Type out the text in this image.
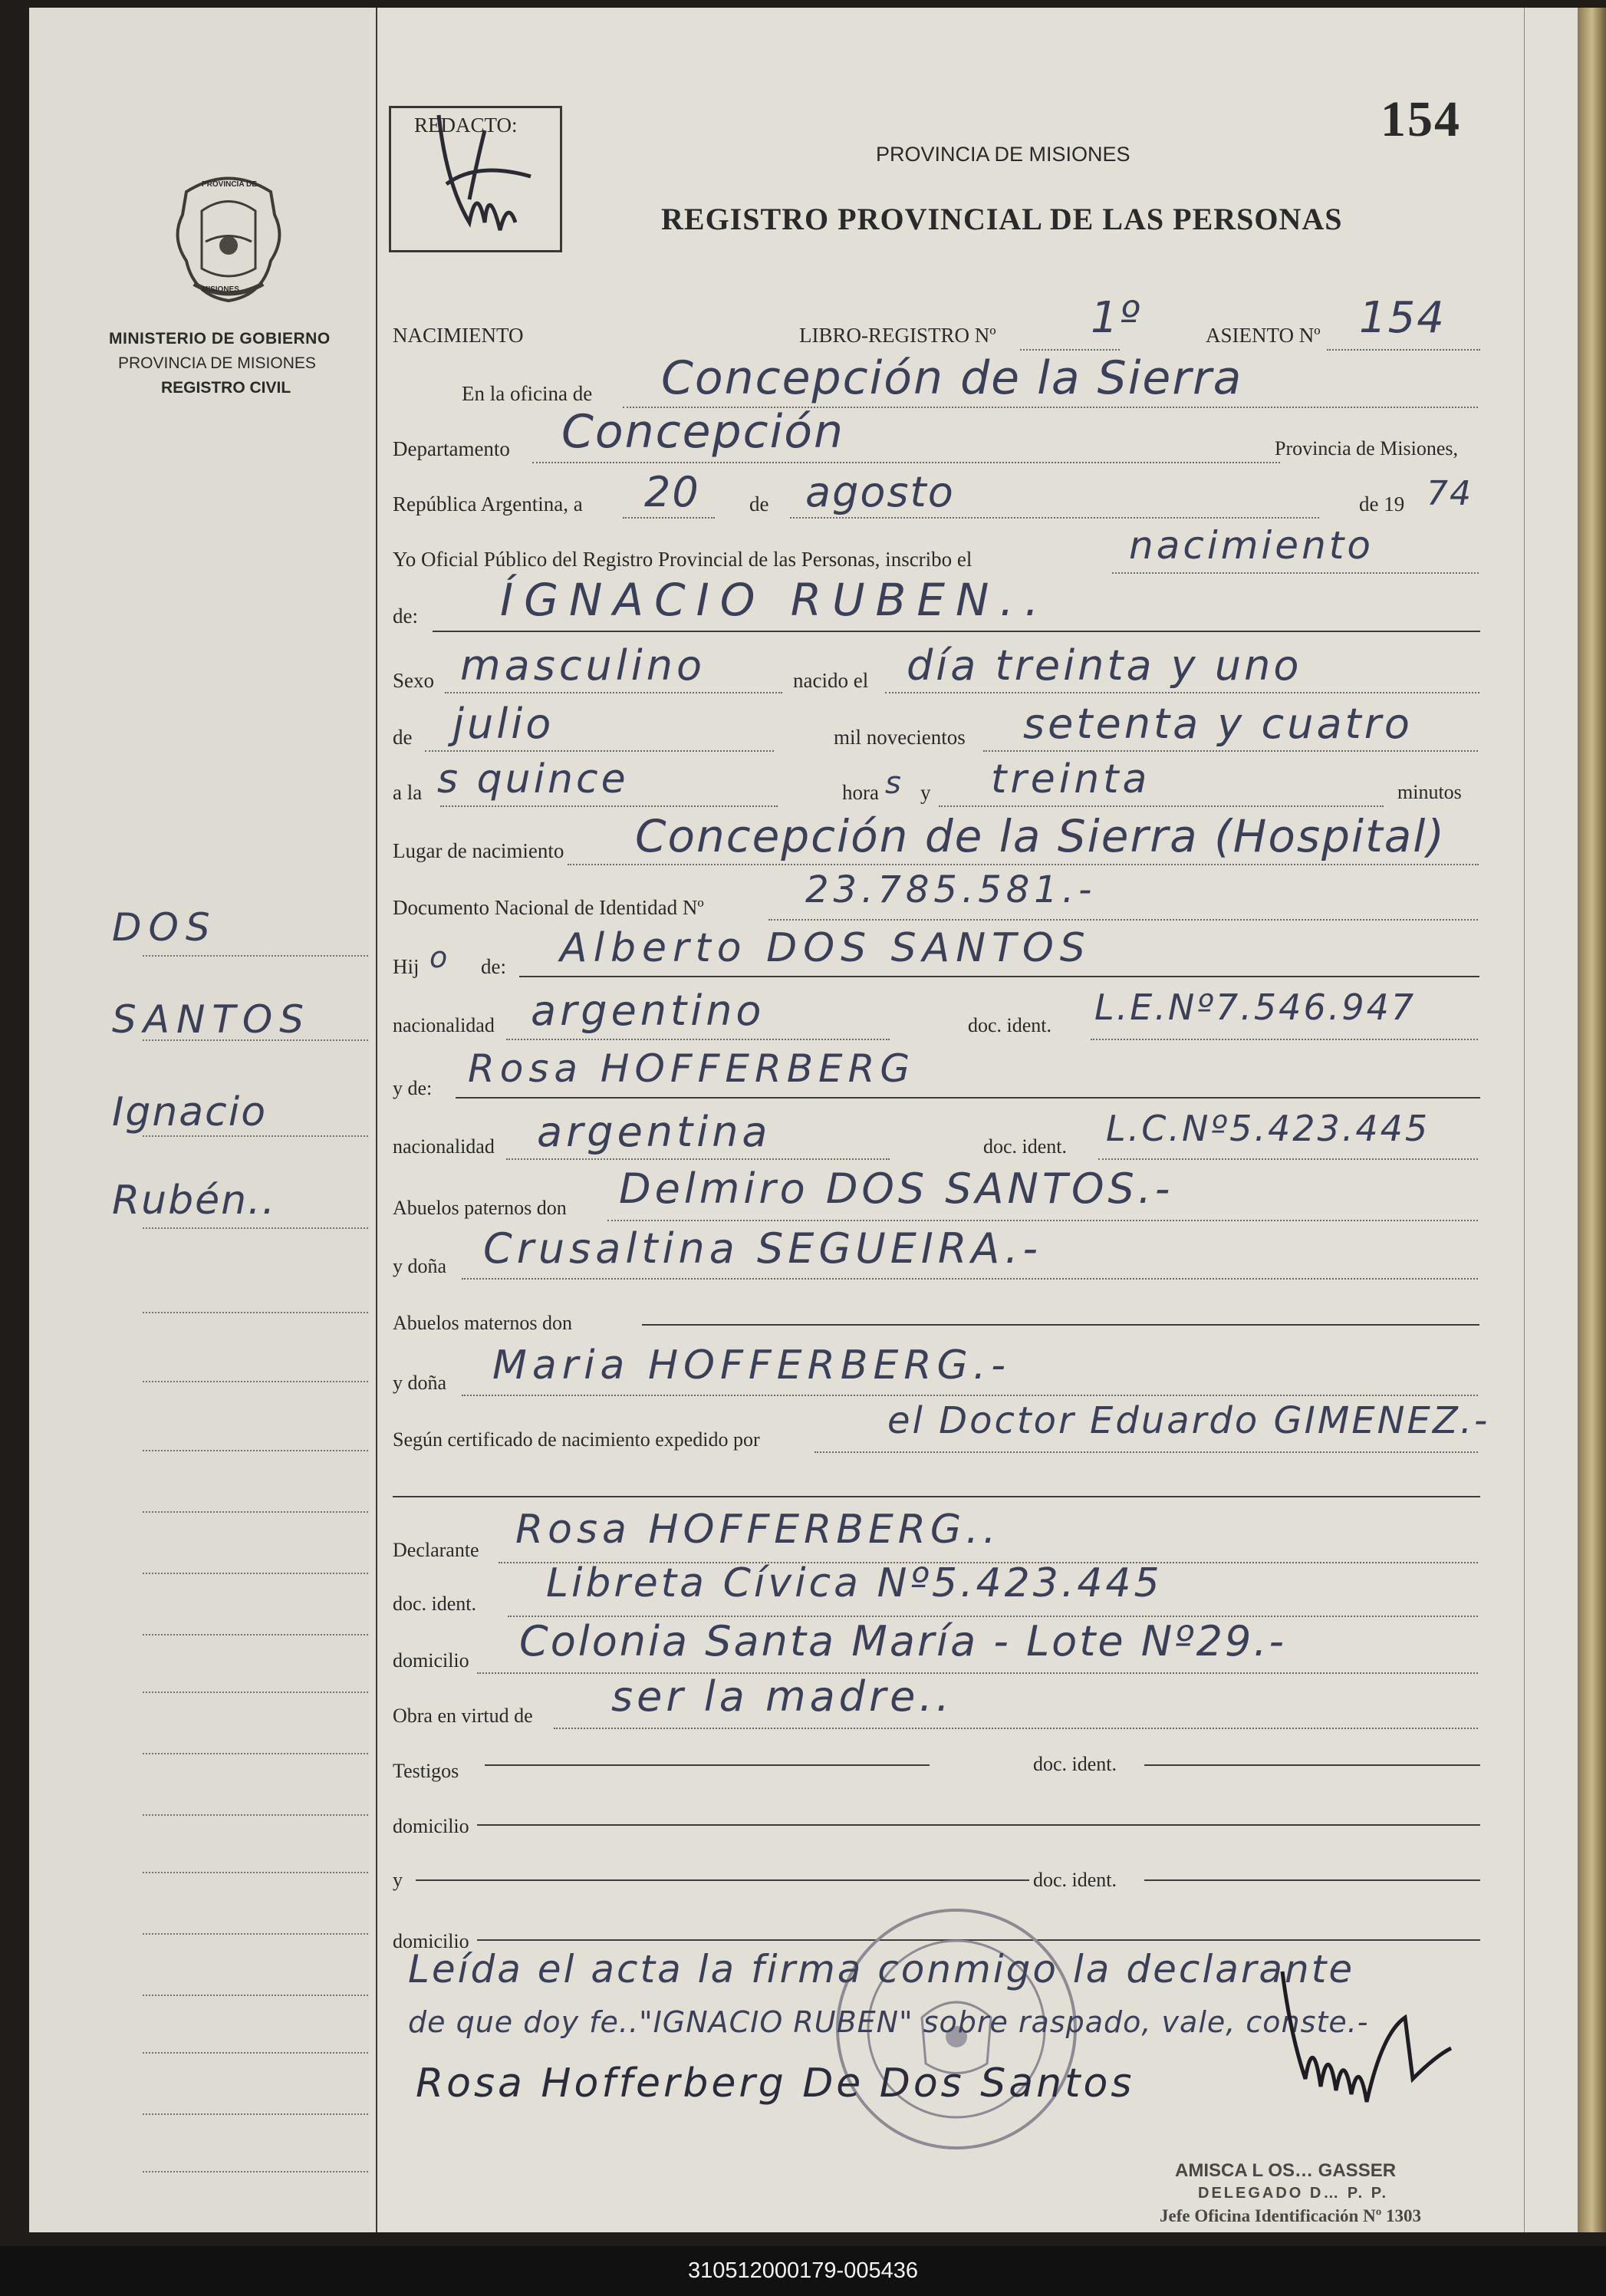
PROVINCIA DE
MISIONES
MINISTERIO DE GOBIERNO
PROVINCIA DE MISIONES
REGISTRO CIVIL
DOS
SANTOS
Ignacio
Rubén..
REDACTO:	154
PROVINCIA DE MISIONES
REGISTRO PROVINCIAL DE LAS PERSONAS
NACIMIENTO	LIBRO-REGISTRO Nº 1º	ASIENTO Nº 154
En la oficina de Concepción de la Sierra
Departamento Concepción	Provincia de Misiones,
República Argentina, a 20 de agosto	de 19 74
Yo Oficial Público del Registro Provincial de las Personas, inscribo el	nacimiento
de: ÍGNACIO RUBEN..
Sexo masculino	nacido el día treinta y uno
de julio	mil novecientos setenta y cuatro
a la s quince	hora s y treinta	minutos
Lugar de nacimiento Concepción de la Sierra (Hospital)
Documento Nacional de Identidad Nº	23.785.581.-
Hij o de: Alberto DOS SANTOS
nacionalidad argentino	doc. ident. L.E.Nº7.546.947
y de: Rosa HOFFERBERG
nacionalidad argentina	doc. ident. L.C.Nº5.423.445
Abuelos paternos don Delmiro DOS SANTOS.-
y doña Crusaltina SEGUEIRA.-
Abuelos maternos don
y doña Maria HOFFERBERG.-
Según certificado de nacimiento expedido por	el Doctor Eduardo GIMENEZ.-
Declarante Rosa HOFFERBERG..
doc. ident. Libreta Cívica Nº5.423.445
domicilio Colonia Santa María - Lote Nº29.-
Obra en virtud de ser la madre..
Testigos	doc. ident.
domicilio
y	doc. ident.
domicilio
Leída el acta la firma conmigo la declarante
de que doy fe.."IGNACIO RUBEN" sobre raspado, vale, conste.-
Rosa Hofferberg De Dos Santos
AMISCA L OS… GASSER
DELEGADO D… P. P.
Jefe Oficina Identificación Nº 1303
310512000179-005436
